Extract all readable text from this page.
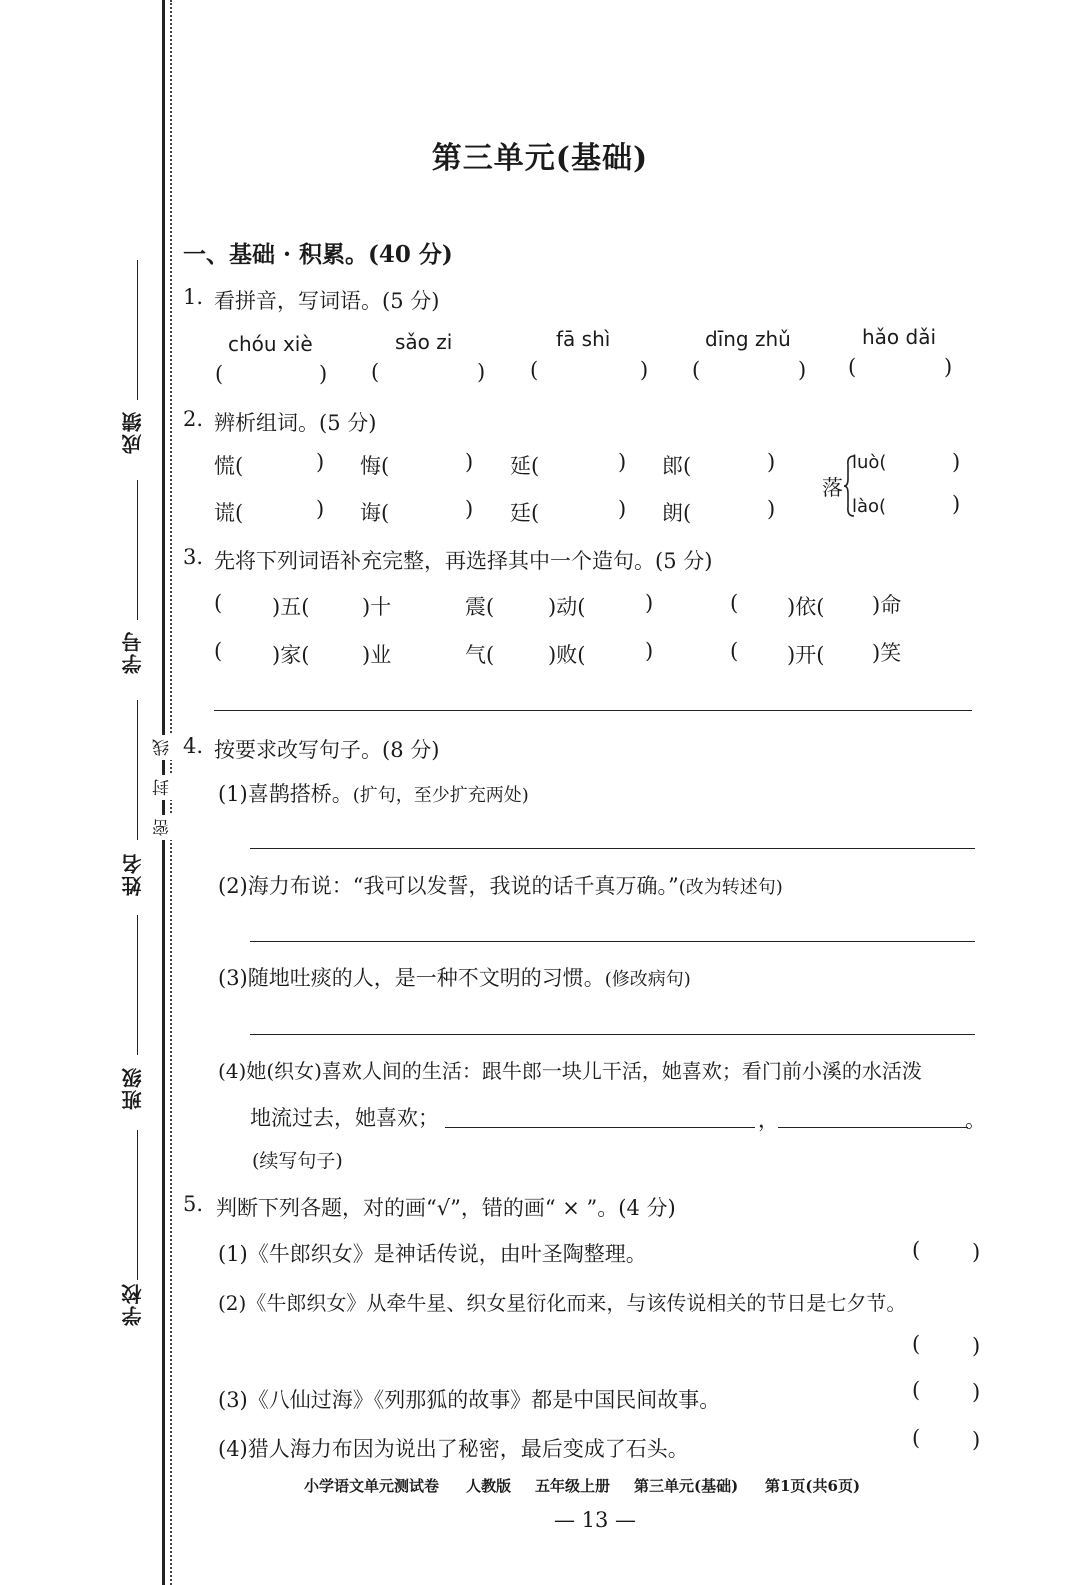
成绩
学号
姓名
班级
学校
线
封
密
第三单元(基础)
一、基础 · 积累。(40 分)
1. 看拼音，写词语。(5 分)
chóu xiè	sǎo zi	fā shì	dīng zhǔ	hǎo dǎi
(	) (	) (	) (	) (	)
2. 辨析组词。(5 分)
慌(	) 悔(	) 延(	) 郎(	)
谎(	) 诲(	) 廷(	) 朗(	)
落
luò(	)
lào(	)
3. 先将下列词语补充完整，再选择其中一个造句。(5 分)
( )五(	)十	震(	)动(	)	( )依( )命
( )家(	)业	气(	)败(	)	( )开( )笑
4. 按要求改写句子。(8 分)
(1)喜鹊搭桥。(扩句，至少扩充两处)
(2)海力布说：“我可以发誓，我说的话千真万确。”(改为转述句)
(3)随地吐痰的人，是一种不文明的习惯。(修改病句)
(4)她(织女)喜欢人间的生活：跟牛郎一块儿干活，她喜欢；看门前小溪的水活泼
地流过去，她喜欢；	，	。
(续写句子)
5. 判断下列各题，对的画“√”，错的画“ × ”。(4 分)
(1)《牛郎织女》是神话传说，由叶圣陶整理。	( )
(2)《牛郎织女》从牵牛星、织女星衍化而来，与该传说相关的节日是七夕节。
( )
(3)《八仙过海》《列那狐的故事》都是中国民间故事。	( )
(4)猎人海力布因为说出了秘密，最后变成了石头。	( )
小学语文单元测试卷 人教版 五年级上册 第三单元(基础) 第1页(共6页)
— 13 —
